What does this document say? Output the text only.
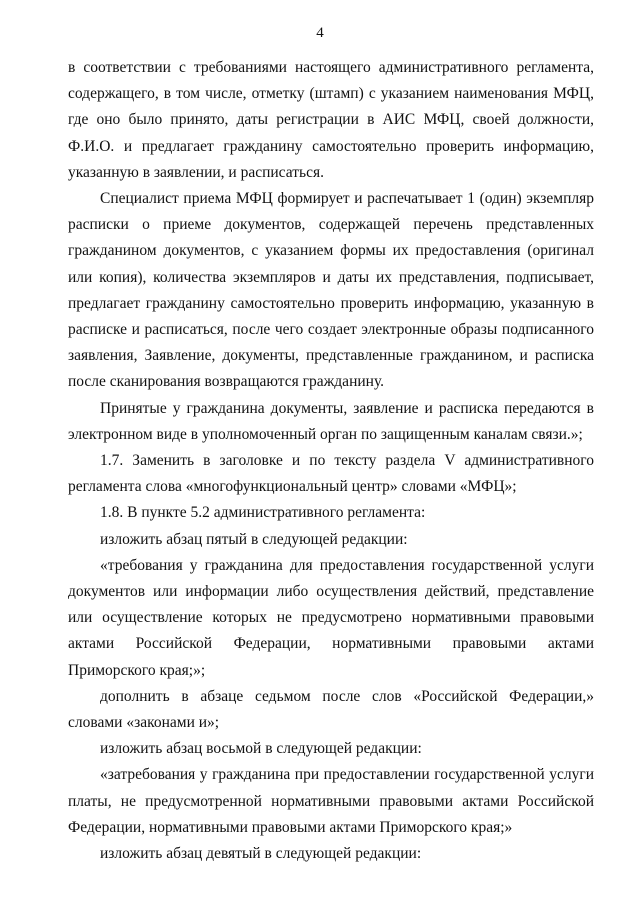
4

в соответствии с требованиями настоящего административного регламента, содержащего, в том числе, отметку (штамп) с указанием наименования МФЦ, где оно было принято, даты регистрации в АИС МФЦ, своей должности, Ф.И.О. и предлагает гражданину самостоятельно проверить информацию, указанную в заявлении, и расписаться.

Специалист приема МФЦ формирует и распечатывает 1 (один) экземпляр расписки о приеме документов, содержащей перечень представленных гражданином документов, с указанием формы их предоставления (оригинал или копия), количества экземпляров и даты их представления, подписывает, предлагает гражданину самостоятельно проверить информацию, указанную в расписке и расписаться, после чего создает электронные образы подписанного заявления, Заявление, документы, представленные гражданином, и расписка после сканирования возвращаются гражданину.

Принятые у гражданина документы, заявление и расписка передаются в электронном виде в уполномоченный орган по защищенным каналам связи.»;

1.7. Заменить в заголовке и по тексту раздела V административного регламента слова «многофункциональный центр» словами «МФЦ»;

1.8. В пункте 5.2 административного регламента:

изложить абзац пятый в следующей редакции:

«требования у гражданина для предоставления государственной услуги документов или информации либо осуществления действий, представление или осуществление которых не предусмотрено нормативными правовыми актами Российской Федерации, нормативными правовыми актами Приморского края;»;

дополнить в абзаце седьмом после слов «Российской Федерации,» словами «законами и»;

изложить абзац восьмой в следующей редакции:

«затребования у гражданина при предоставлении государственной услуги платы, не предусмотренной нормативными правовыми актами Российской Федерации, нормативными правовыми актами Приморского края;»

изложить абзац девятый в следующей редакции:
